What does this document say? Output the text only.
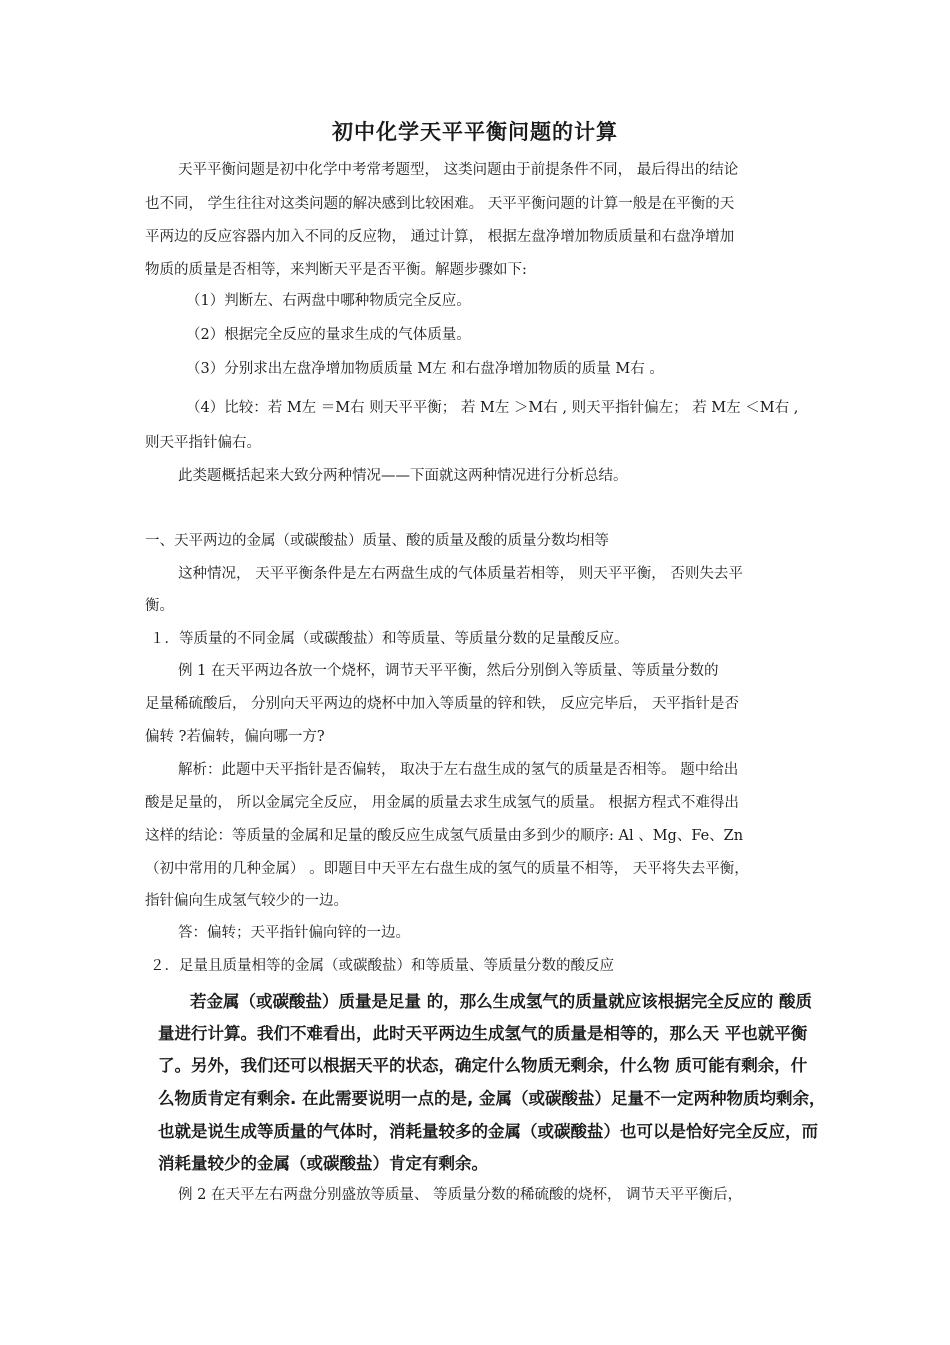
初中化学天平平衡问题的计算
天平平衡问题是初中化学中考常考题型， 这类问题由于前提条件不同， 最后得出的结论
也不同， 学生往往对这类问题的解决感到比较困难。 天平平衡问题的计算一般是在平衡的天
平两边的反应容器内加入不同的反应物， 通过计算， 根据左盘净增加物质质量和右盘净增加
物质的质量是否相等，来判断天平是否平衡。解题步骤如下:
（1）判断左、右两盘中哪种物质完全反应。
（2）根据完全反应的量求生成的气体质量。
（3）分别求出左盘净增加物质质量 M左 和右盘净增加物质的质量 M右 。
（4）比较：若 M左 ＝M右 则天平平衡； 若 M左 ＞M右 , 则天平指针偏左； 若 M左 ＜M右 ,
则天平指针偏右。
此类题概括起来大致分两种情况——下面就这两种情况进行分析总结。
一、天平两边的金属（或碳酸盐）质量、酸的质量及酸的质量分数均相等
这种情况， 天平平衡条件是左右两盘生成的气体质量若相等， 则天平平衡， 否则失去平
衡。
１．等质量的不同金属（或碳酸盐）和等质量、等质量分数的足量酸反应。
例 1 在天平两边各放一个烧杯，调节天平平衡，然后分别倒入等质量、等质量分数的
足量稀硫酸后， 分别向天平两边的烧杯中加入等质量的锌和铁， 反应完毕后， 天平指针是否
偏转 ?若偏转，偏向哪一方?
解析：此题中天平指针是否偏转， 取决于左右盘生成的氢气的质量是否相等。 题中给出
酸是足量的， 所以金属完全反应， 用金属的质量去求生成氢气的质量。 根据方程式不难得出
这样的结论：等质量的金属和足量的酸反应生成氢气质量由多到少的顺序: Al 、Mg、Fe、Zn
（初中常用的几种金属） 。即题目中天平左右盘生成的氢气的质量不相等， 天平将失去平衡，
指针偏向生成氢气较少的一边。
答：偏转；天平指针偏向锌的一边。
２．足量且质量相等的金属（或碳酸盐）和等质量、等质量分数的酸反应
若金属（或碳酸盐）质量是足量 的，那么生成氢气的质量就应该根据完全反应的 酸质
量进行计算。我们不难看出，此时天平两边生成氢气的质量是相等的，那么天 平也就平衡
了。另外，我们还可以根据天平的状态，确定什么物质无剩余，什么物 质可能有剩余，什
么物质肯定有剩余. 在此需要说明一点的是, 金属（或碳酸盐）足量不一定两种物质均剩余，
也就是说生成等质量的气体时，消耗量较多的金属（或碳酸盐）也可以是恰好完全反应，而
消耗量较少的金属（或碳酸盐）肯定有剩余。
例 2 在天平左右两盘分别盛放等质量、 等质量分数的稀硫酸的烧杯， 调节天平平衡后，
